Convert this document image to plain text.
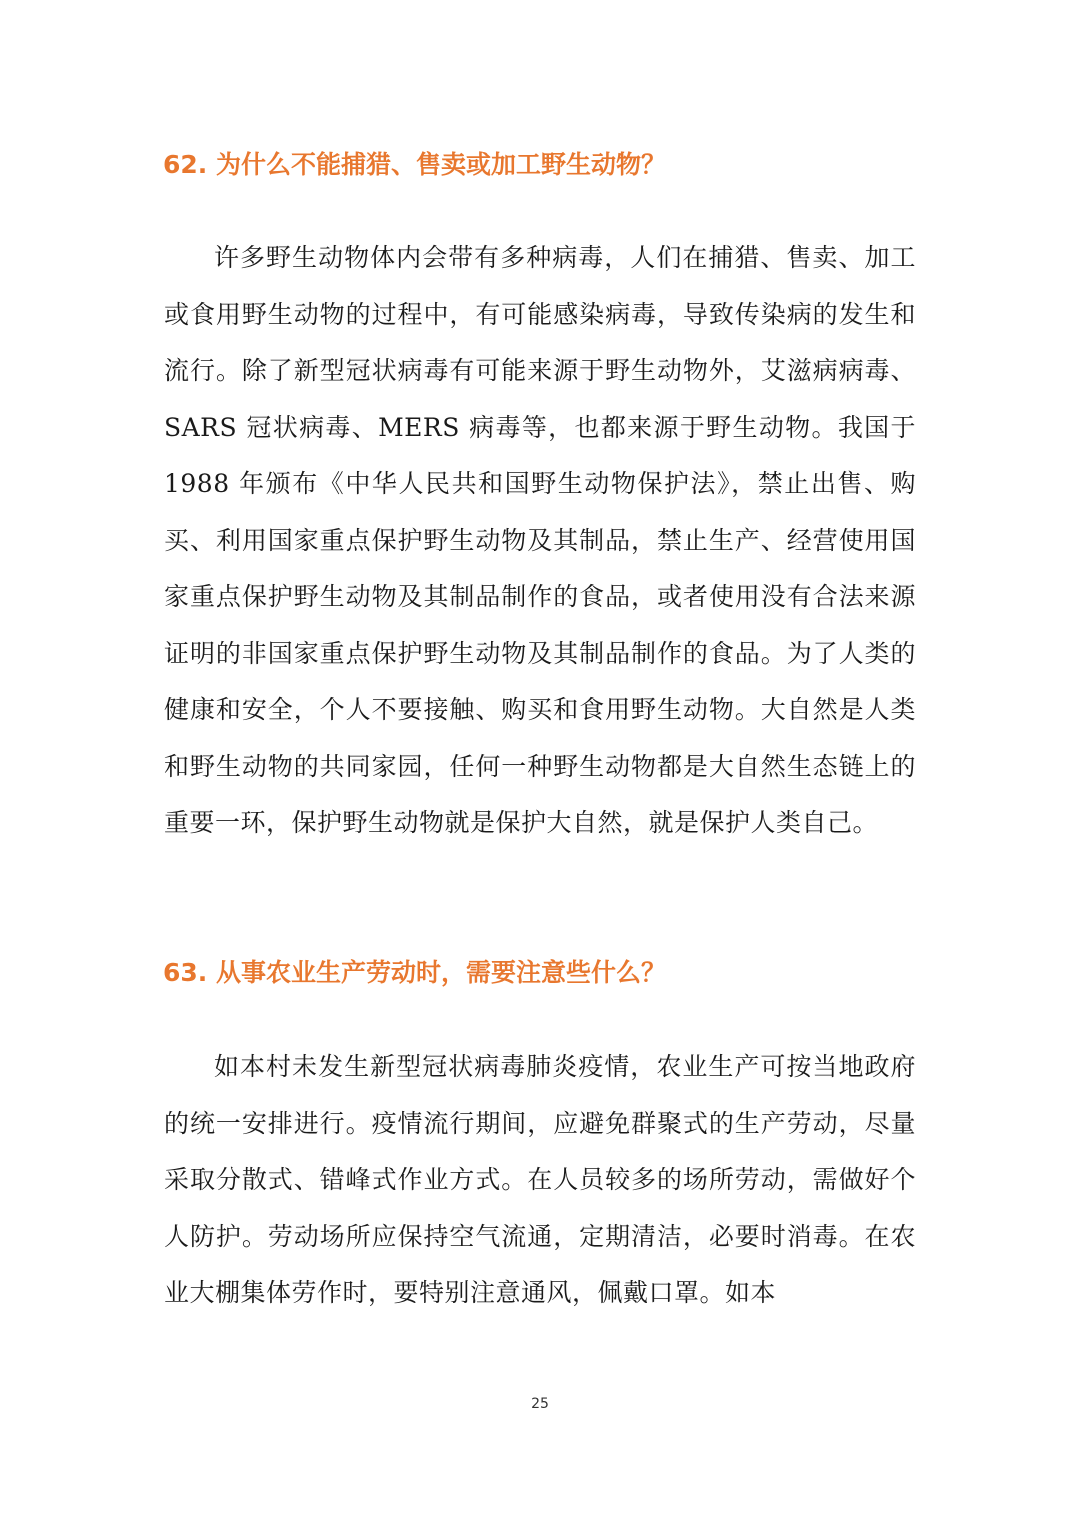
62. 为什么不能捕猎、售卖或加工野生动物？

许多野生动物体内会带有多种病毒，人们在捕猎、售卖、加工或食用野生动物的过程中，有可能感染病毒，导致传染病的发生和流行。除了新型冠状病毒有可能来源于野生动物外，艾滋病病毒、SARS 冠状病毒、MERS 病毒等，也都来源于野生动物。我国于 1988 年颁布《中华人民共和国野生动物保护法》，禁止出售、购买、利用国家重点保护野生动物及其制品，禁止生产、经营使用国家重点保护野生动物及其制品制作的食品，或者使用没有合法来源证明的非国家重点保护野生动物及其制品制作的食品。为了人类的健康和安全，个人不要接触、购买和食用野生动物。大自然是人类和野生动物的共同家园，任何一种野生动物都是大自然生态链上的重要一环，保护野生动物就是保护大自然，就是保护人类自己。

63. 从事农业生产劳动时，需要注意些什么？

如本村未发生新型冠状病毒肺炎疫情，农业生产可按当地政府的统一安排进行。疫情流行期间，应避免群聚式的生产劳动，尽量采取分散式、错峰式作业方式。在人员较多的场所劳动，需做好个人防护。劳动场所应保持空气流通，定期清洁，必要时消毒。在农业大棚集体劳作时，要特别注意通风，佩戴口罩。如本

25
